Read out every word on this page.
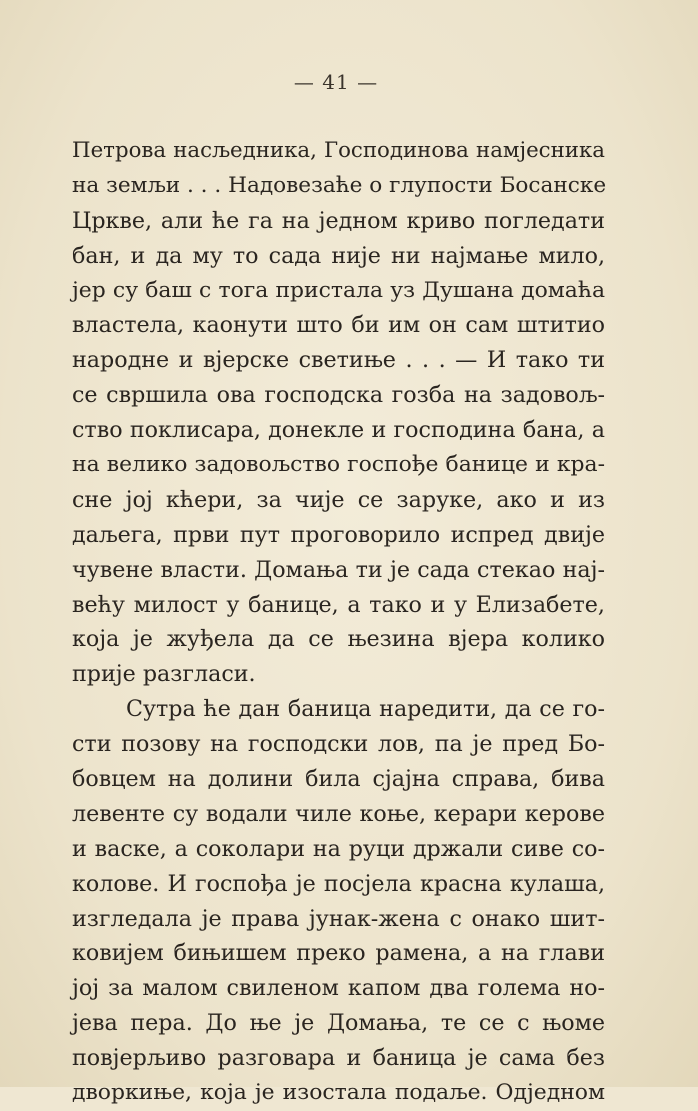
— 41 —
Петрова насљедника, Господинова намјесника
на земљи . . . Надовезаће о глупости Босанске
Цркве, али ће га на једном криво погледати
бан, и да му то сада није ни најмање мило,
јер су баш с тога пристала уз Душана домаћа
властела, каонути што би им он сам штитио
народне и вјерске светиње . . . — И тако ти
се свршила ова господска гозба на задовољ-
ство поклисара, донекле и господина бана, а
на велико задовољство госпође банице и кра-
сне јој кћери, за чије се заруке, ако и из
даљега, први пут проговорило испред двије
чувене власти. Домања ти је сада стекао нај-
већу милост у банице, а тако и у Елизабете,
која је жуђела да се њезина вјера колико
прије разгласи.
Сутра ће дан баница наредити, да се го-
сти позову на господски лов, па је пред Бо-
бовцем на долини била сјајна справа, бива
левенте су водали чиле коње, керари керове
и васке, а соколари на руци држали сиве со-
колове. И госпођа је посјела красна кулаша,
изгледала је права јунак-жена с онако шит-
ковијем бињишем преко рамена, а на глави
јој за малом свиленом капом два голема но-
јева пера. До ње је Домања, те се с њоме
повјерљиво разговара и баница је сама без
дворкиње, која је изостала подаље. Одједном
